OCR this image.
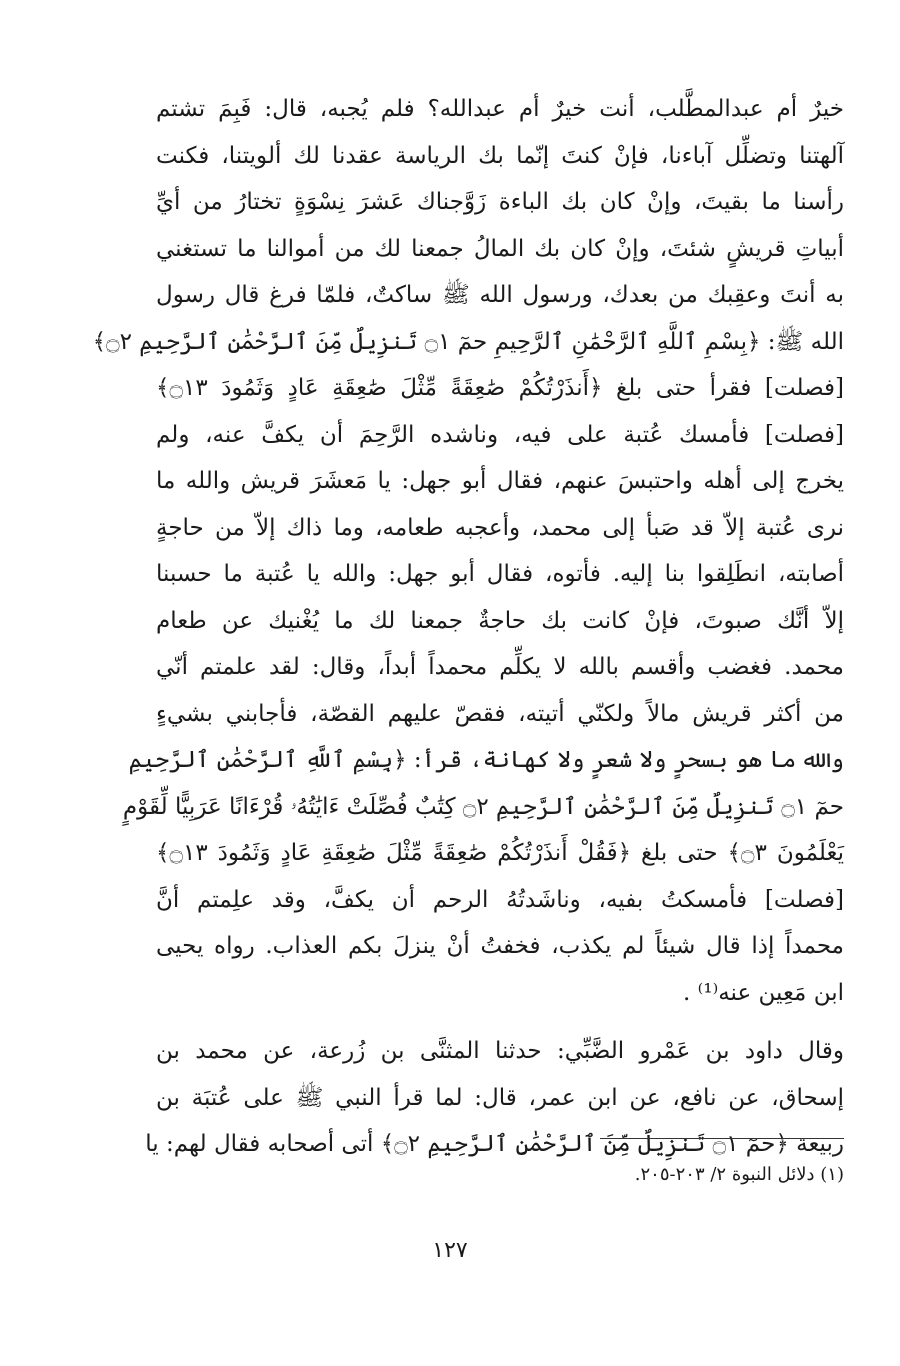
خيرٌ أم عبدالمطَّلب، أنت خيرٌ أم عبدالله؟ فلم يُجبه، قال: فَبِمَ تشتم
آلهتنا وتضلِّل آباءنا، فإنْ كنتَ إنّما بك الرياسة عقدنا لك ألويتنا، فكنت
رأسنا ما بقيتَ، وإنْ كان بك الباءة زَوَّجناك عَشرَ نِسْوَةٍ تختارُ من أيِّ
أبياتِ قريشٍ شئتَ، وإنْ كان بك المالُ جمعنا لك من أموالنا ما تستغني
به أنتَ وعقِبك من بعدك، ورسول الله ﷺ ساكتٌ، فلمّا فرغ قال رسول
الله ﷺ: ﴿بِسْمِ ٱللَّهِ ٱلرَّحْمَٰنِ ٱلرَّحِيمِ حمٓ ۝١ تَنزِيلٌ مِّنَ ٱلرَّحْمَٰنِ ٱلرَّحِيمِ ۝٢﴾
[فصلت] فقرأ حتى بلغ ﴿أَنذَرْتُكُمْ صَٰعِقَةً مِّثْلَ صَٰعِقَةِ عَادٍ وَثَمُودَ ۝١٣﴾
[فصلت] فأمسك عُتبة على فيه، وناشده الرَّحِمَ أن يكفَّ عنه، ولم
يخرج إلى أهله واحتبسَ عنهم، فقال أبو جهل: يا مَعشَرَ قريش والله ما
نرى عُتبة إلاّ قد صَبأ إلى محمد، وأعجبه طعامه، وما ذاك إلاّ من حاجةٍ
أصابته، انطَلِقوا بنا إليه. فأتوه، فقال أبو جهل: والله يا عُتبة ما حسبنا
إلاّ أنَّك صبوتَ، فإنْ كانت بك حاجةٌ جمعنا لك ما يُغْنيك عن طعام
محمد. فغضب وأقسم بالله لا يكلِّم محمداً أبداً، وقال: لقد علمتم أنّي
من أكثر قريش مالاً ولكنّي أتيته، فقصّ عليهم القصّة، فأجابني بشيءٍ
والله ما هو بسحرٍ ولا شعرٍ ولا كهانة، قرأ: ﴿بِسْمِ ٱللَّهِ ٱلرَّحْمَٰنِ ٱلرَّحِيمِ
حمٓ ۝١ تَنزِيلٌ مِّنَ ٱلرَّحْمَٰنِ ٱلرَّحِيمِ ۝٢ كِتَٰبٌ فُصِّلَتْ ءَايَٰتُهُۥ قُرْءَانًا عَرَبِيًّا لِّقَوْمٍ
يَعْلَمُونَ ۝٣﴾ حتى بلغ ﴿فَقُلْ أَنذَرْتُكُمْ صَٰعِقَةً مِّثْلَ صَٰعِقَةِ عَادٍ وَثَمُودَ ۝١٣﴾
[فصلت] فأمسكتُ بفيه، وناشَدتُهُ الرحم أن يكفَّ، وقد علِمتم أنَّ
محمداً إذا قال شيئاً لم يكذب، فخفتُ أنْ ينزلَ بكم العذاب. رواه يحيى
ابن مَعِين عنه⁽¹⁾ .
وقال داود بن عَمْرو الضَّبِّي: حدثنا المثنَّى بن زُرعة، عن محمد بن
إسحاق، عن نافع، عن ابن عمر، قال: لما قرأ النبي ﷺ على عُتبَة بن
ربيعة ﴿حمٓ ۝١ تَنزِيلٌ مِّنَ ٱلرَّحْمَٰنِ ٱلرَّحِيمِ ۝٢﴾ أتى أصحابه فقال لهم: يا
(١) دلائل النبوة ٢/ ٢٠٣-٢٠٥.
١٢٧
